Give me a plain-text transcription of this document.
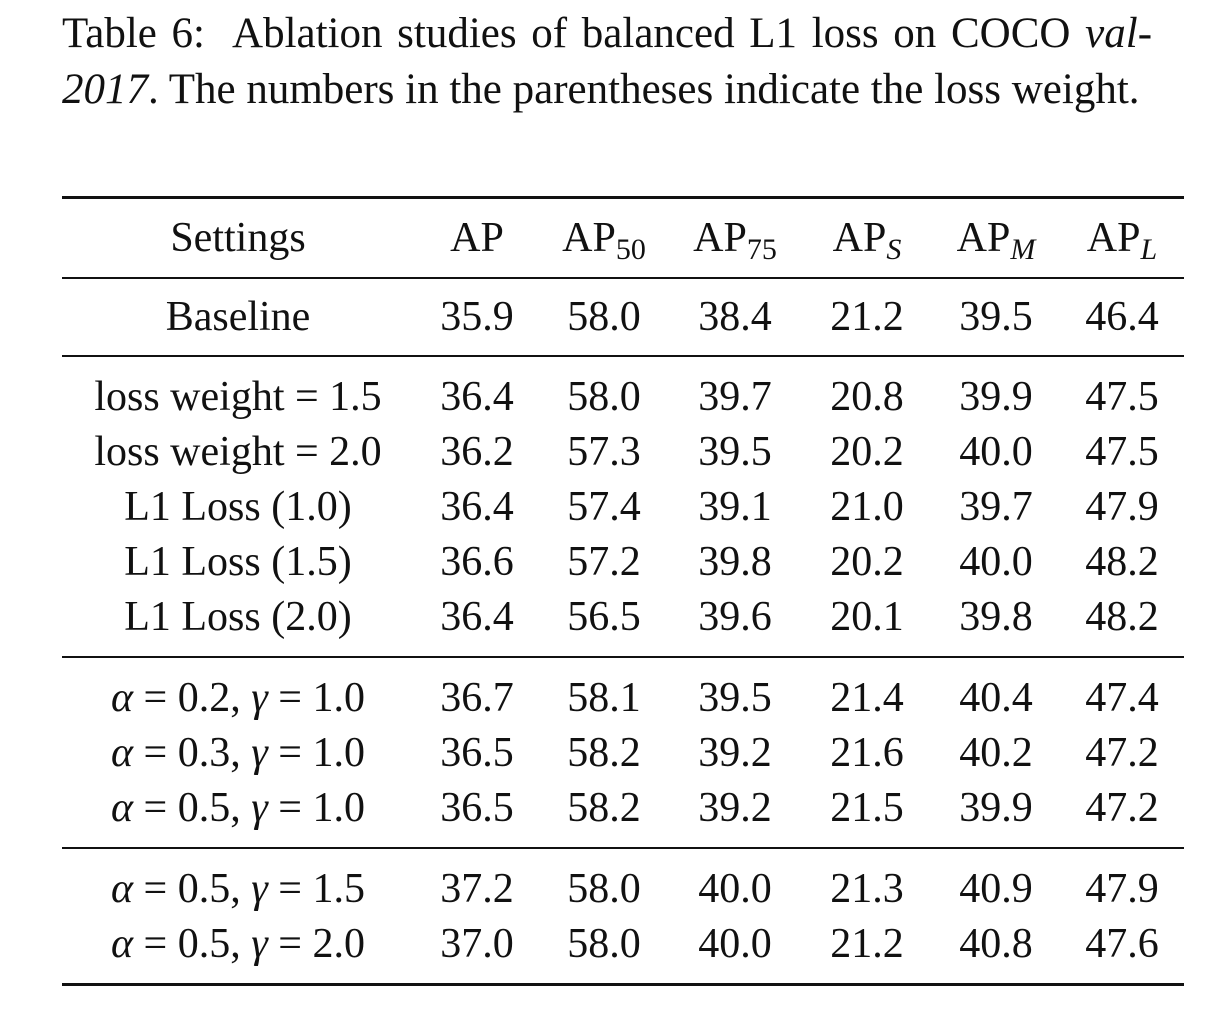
Table 6: Ablation studies of balanced L1 loss on COCO val-2017. The numbers in the parentheses indicate the loss weight.
Settings	AP	$AP_{50}$	$AP_{75}$	$AP_S$	$AP_M$	$AP_L$
Baseline	35.9	58.0	38.4	21.2	39.5	46.4
loss weight = 1.5	36.4	58.0	39.7	20.8	39.9	47.5
loss weight = 2.0	36.2	57.3	39.5	20.2	40.0	47.5
L1 Loss (1.0)	36.4	57.4	39.1	21.0	39.7	47.9
L1 Loss (1.5)	36.6	57.2	39.8	20.2	40.0	48.2
L1 Loss (2.0)	36.4	56.5	39.6	20.1	39.8	48.2
α = 0.2, γ = 1.0	36.7	58.1	39.5	21.4	40.4	47.4
α = 0.3, γ = 1.0	36.5	58.2	39.2	21.6	40.2	47.2
α = 0.5, γ = 1.0	36.5	58.2	39.2	21.5	39.9	47.2
α = 0.5, γ = 1.5	37.2	58.0	40.0	21.3	40.9	47.9
α = 0.5, γ = 2.0	37.0	58.0	40.0	21.2	40.8	47.6
